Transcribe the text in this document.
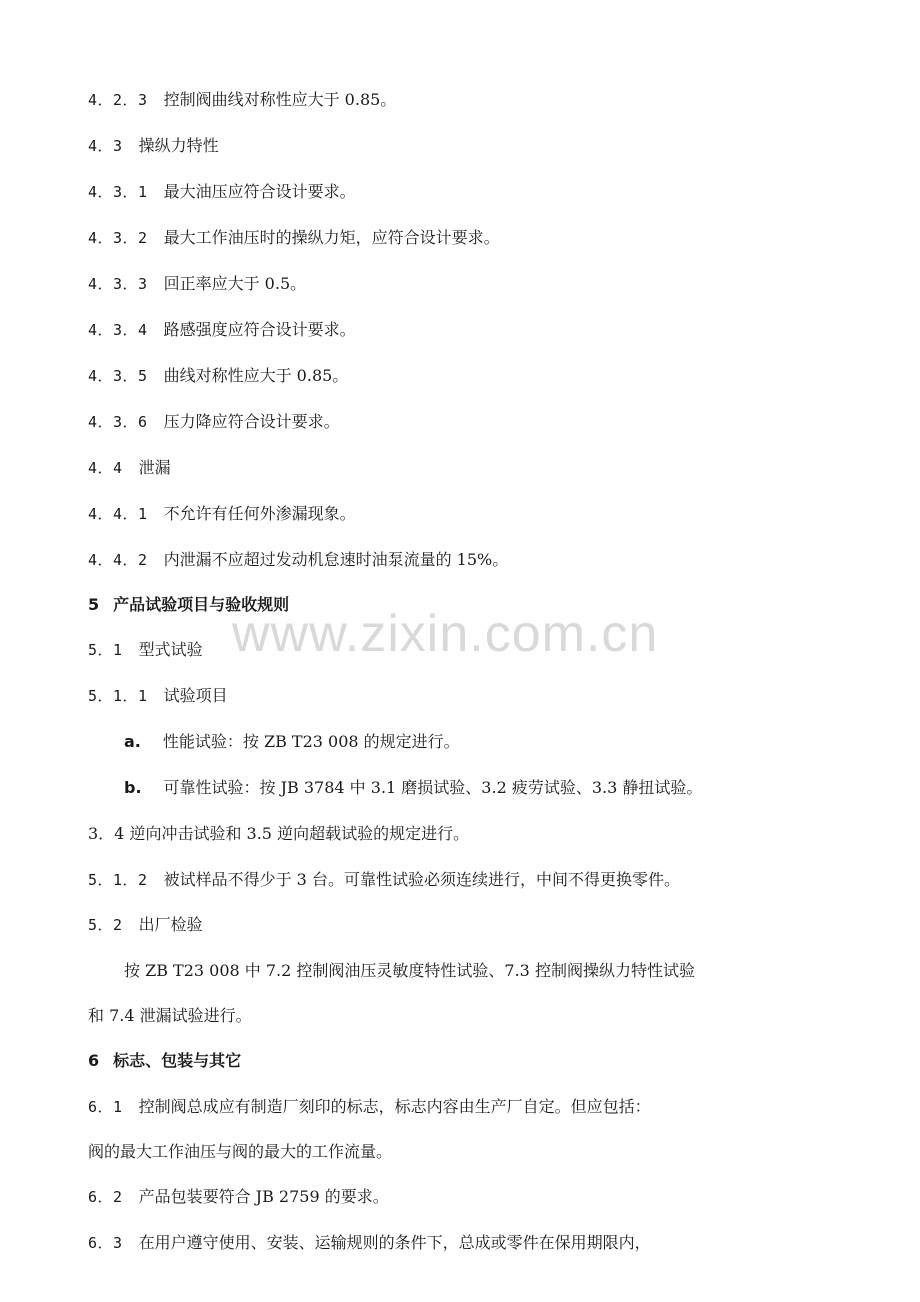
www.zixin.com.cn
4．2．3 控制阀曲线对称性应大于 0.85。
4．3 操纵力特性
4．3．1 最大油压应符合设计要求。
4．3．2 最大工作油压时的操纵力矩，应符合设计要求。
4．3．3 回正率应大于 0.5。
4．3．4 路感强度应符合设计要求。
4．3．5 曲线对称性应大于 0.85。
4．3．6 压力降应符合设计要求。
4．4 泄漏
4．4．1 不允许有任何外渗漏现象。
4．4．2 内泄漏不应超过发动机怠速时油泵流量的 15%。
5 产品试验项目与验收规则
5．1 型式试验
5．1．1 试验项目
a. 性能试验：按 ZB T23 008 的规定进行。
b. 可靠性试验：按 JB 3784 中 3.1 磨损试验、3.2 疲劳试验、3.3 静扭试验。
3．4 逆向冲击试验和 3.5 逆向超载试验的规定进行。
5．1．2 被试样品不得少于 3 台。可靠性试验必须连续进行，中间不得更换零件。
5．2 出厂检验
按 ZB T23 008 中 7.2 控制阀油压灵敏度特性试验、7.3 控制阀操纵力特性试验
和 7.4 泄漏试验进行。
6 标志、包装与其它
6．1 控制阀总成应有制造厂刻印的标志，标志内容由生产厂自定。但应包括：
阀的最大工作油压与阀的最大的工作流量。
6．2 产品包装要符合 JB 2759 的要求。
6．3 在用户遵守使用、安装、运输规则的条件下，总成或零件在保用期限内，
